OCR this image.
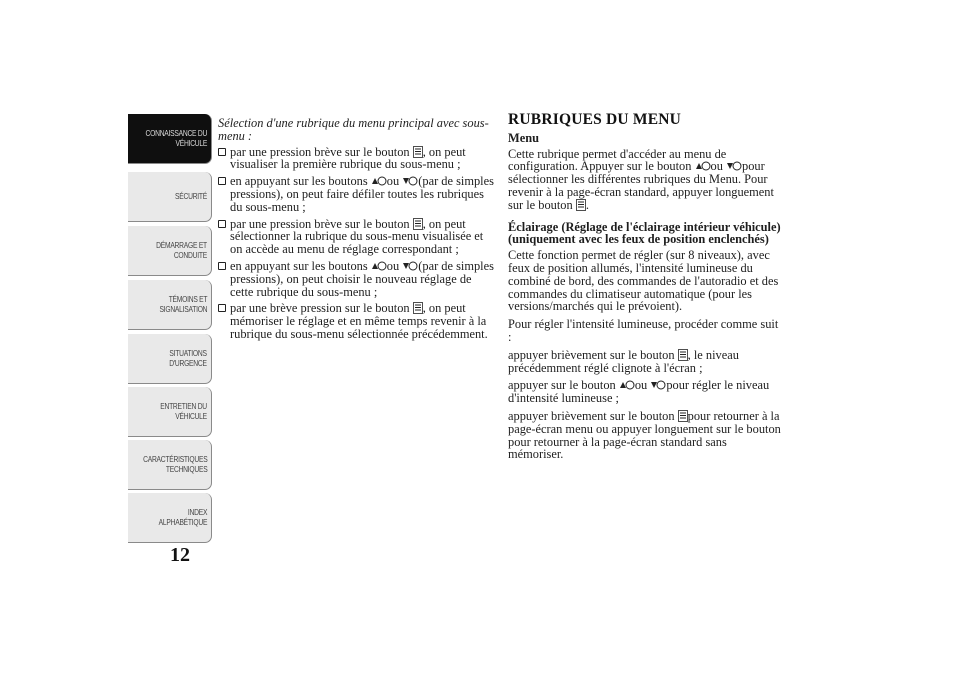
CONNAISSANCE DU
VÉHICULE
SÉCURITÉ
DÉMARRAGE ET
CONDUITE
TÉMOINS ET
SIGNALISATION
SITUATIONS
D'URGENCE
ENTRETIEN DU
VÉHICULE
CARACTÉRISTIQUES
TECHNIQUES
INDEX
ALPHABÉTIQUE
12
Sélection d'une rubrique du menu principal avec sous-menu :
par une pression brève sur le bouton
, on peut visualiser la première rubrique du sous-menu ;
en appuyant sur les boutons
ou
(par de simples pressions), on peut faire défiler toutes les rubriques du sous-menu ;
par une pression brève sur le bouton
, on peut sélectionner la rubrique du sous-menu visualisée et on accède au menu de réglage correspondant ;
en appuyant sur les boutons
ou
(par de simples pressions), on peut choisir le nouveau réglage de cette rubrique du sous-menu ;
par une brève pression sur le bouton
, on peut mémoriser le réglage et en même temps revenir à la rubrique du sous-menu sélectionnée précédemment.
RUBRIQUES DU MENU
Menu
Cette rubrique permet d'accéder au menu de configuration. Appuyer sur le bouton
ou
pour sélectionner les différentes rubriques du Menu. Pour revenir à la page-écran standard, appuyer longuement sur le bouton
.
Éclairage (Réglage de l'éclairage intérieur véhicule) (uniquement avec les feux de position enclenchés)
Cette fonction permet de régler (sur 8 niveaux), avec feux de position allumés, l'intensité lumineuse du combiné de bord, des commandes de l'autoradio et des commandes du climatiseur automatique (pour les versions/marchés qui le prévoient).
Pour régler l'intensité lumineuse, procéder comme suit :
appuyer brièvement sur le bouton
, le niveau précédemment réglé clignote à l'écran ;
appuyer sur le bouton
ou
pour régler le niveau d'intensité lumineuse ;
appuyer brièvement sur le bouton
pour retourner à la page-écran menu ou appuyer longuement sur le bouton pour retourner à la page-écran standard sans mémoriser.
